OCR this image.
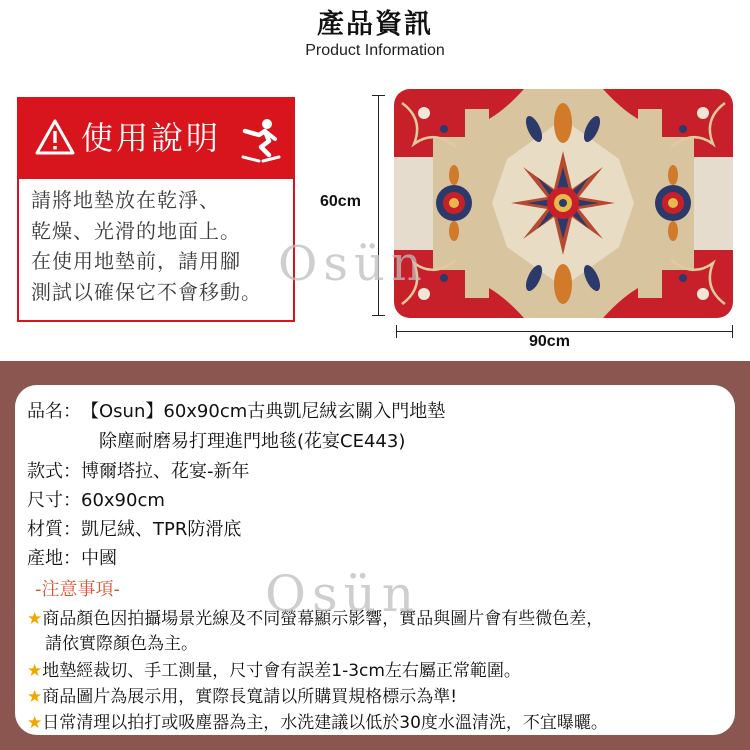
產品資訊
Product Information
使用說明
請將地墊放在乾淨、
乾燥、光滑的地面上。
在使用地墊前，請用腳
測試以確保它不會移動。
60cm
90cm
Osün
品名：【Osun】60x90cm古典凱尼絨玄關入門地墊
除塵耐磨易打理進門地毯(花宴CE443)
款式：博爾塔拉、花宴-新年
尺寸：60x90cm
材質：凱尼絨、TPR防滑底
產地：中國
-注意事項-
★商品顏色因拍攝場景光線及不同螢幕顯示影響，實品與圖片會有些微色差，
請依實際顏色為主。
★地墊經裁切、手工測量，尺寸會有誤差1-3cm左右屬正常範圍。
★商品圖片為展示用，實際長寬請以所購買規格標示為準!
★日常清理以拍打或吸塵器為主，水洗建議以低於30度水溫清洗，不宜曝曬。
Osün
